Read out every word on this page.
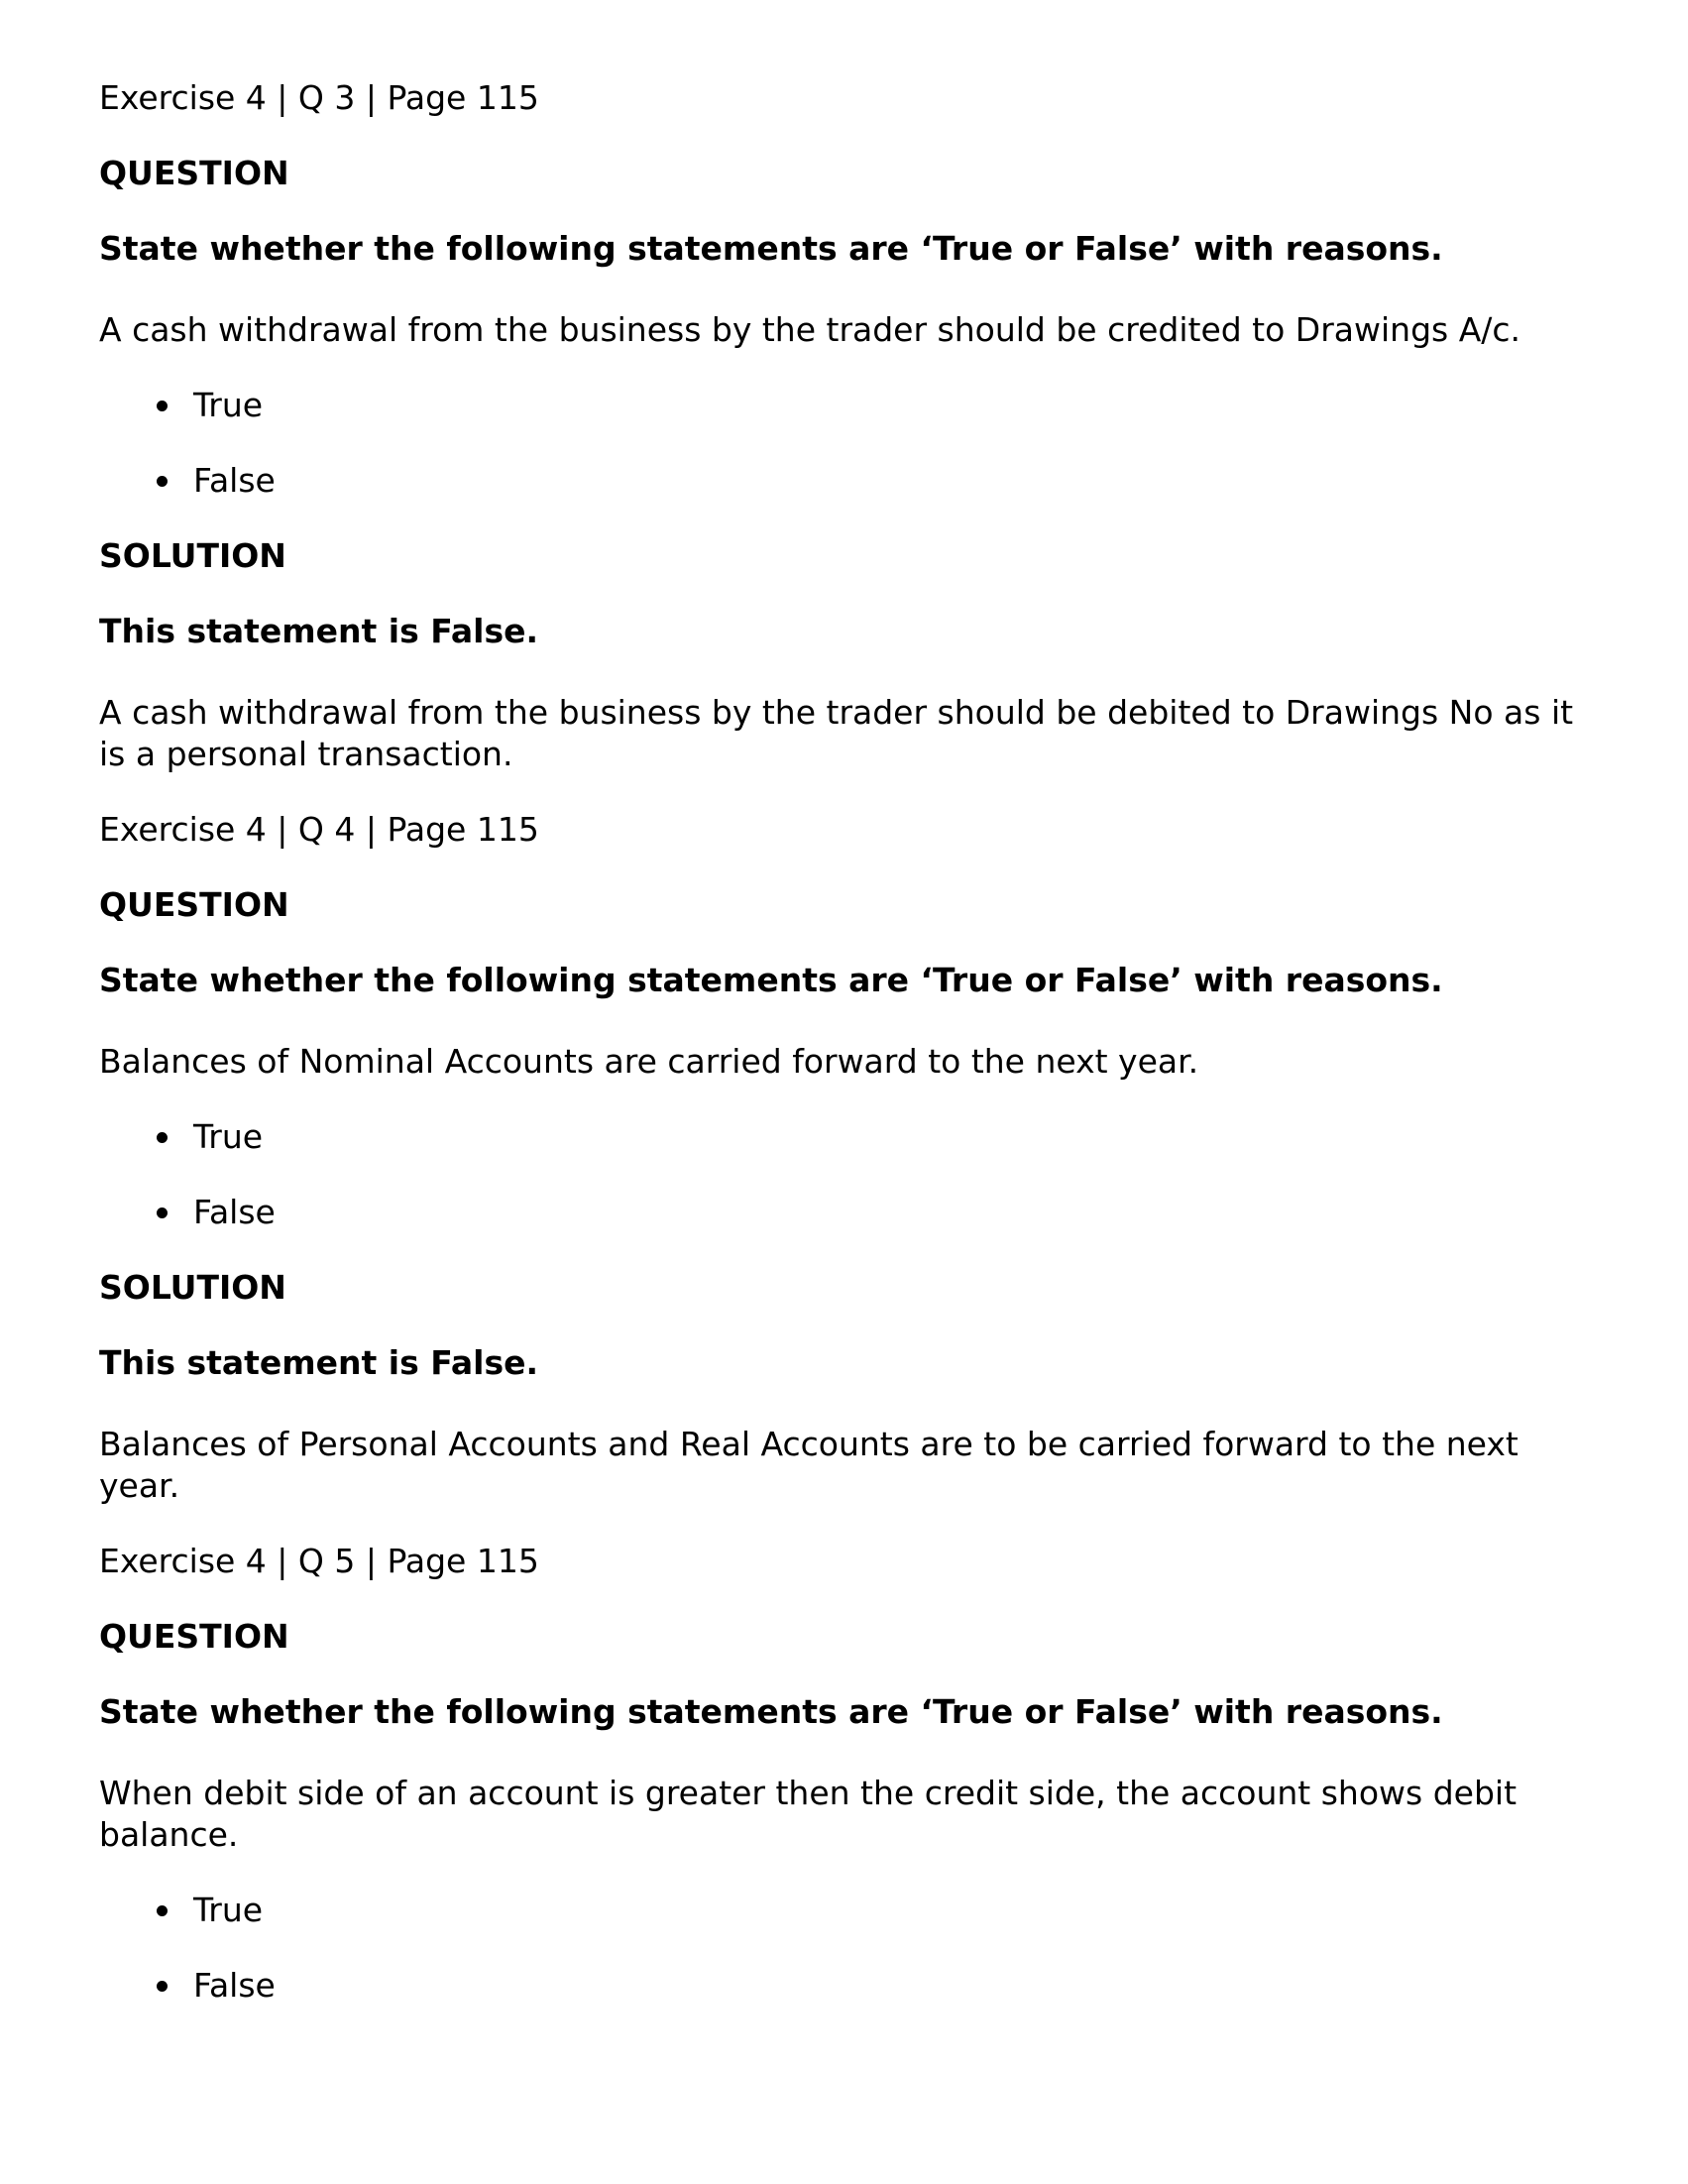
Exercise 4 | Q 3 | Page 115
QUESTION
State whether the following statements are ‘True or False’ with reasons.
A cash withdrawal from the business by the trader should be credited to Drawings A/c.
True
False
SOLUTION
This statement is False.
A cash withdrawal from the business by the trader should be debited to Drawings No as it is a personal transaction.
Exercise 4 | Q 4 | Page 115
QUESTION
State whether the following statements are ‘True or False’ with reasons.
Balances of Nominal Accounts are carried forward to the next year.
True
False
SOLUTION
This statement is False.
Balances of Personal Accounts and Real Accounts are to be carried forward to the next year.
Exercise 4 | Q 5 | Page 115
QUESTION
State whether the following statements are ‘True or False’ with reasons.
When debit side of an account is greater then the credit side, the account shows debit balance.
True
False
